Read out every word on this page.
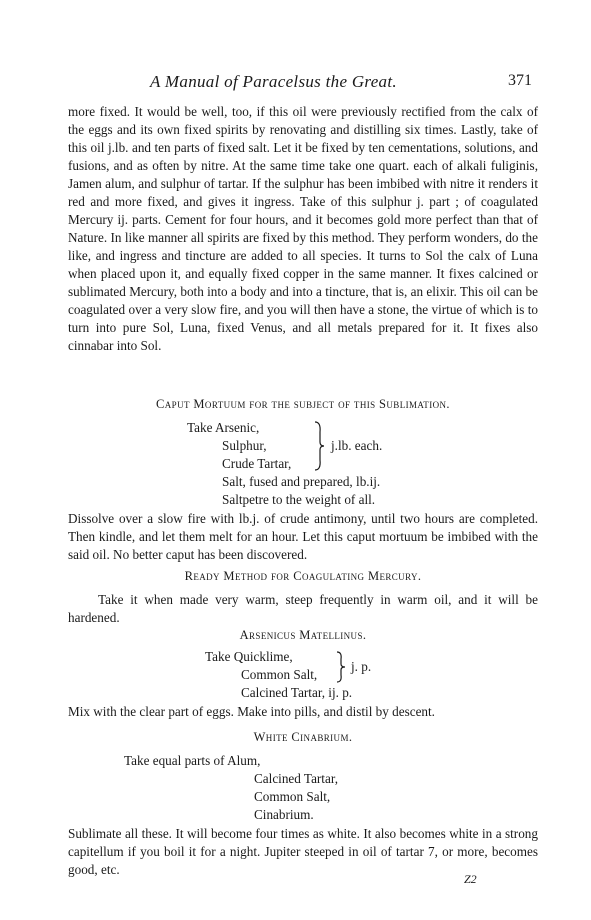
A Manual of Paracelsus the Great.	371

more fixed. It would be well, too, if this oil were previously rectified from the calx of the eggs and its own fixed spirits by renovating and distilling six times. Lastly, take of this oil j.lb. and ten parts of fixed salt. Let it be fixed by ten cementations, solutions, and fusions, and as often by nitre. At the same time take one quart. each of alkali fuliginis, Jamen alum, and sulphur of tartar. If the sulphur has been imbibed with nitre it renders it red and more fixed, and gives it ingress. Take of this sulphur j. part ; of coagulated Mercury ij. parts. Cement for four hours, and it becomes gold more perfect than that of Nature. In like manner all spirits are fixed by this method. They perform wonders, do the like, and ingress and tincture are added to all species. It turns to Sol the calx of Luna when placed upon it, and equally fixed copper in the same manner. It fixes calcined or sublimated Mercury, both into a body and into a tincture, that is, an elixir. This oil can be coagulated over a very slow fire, and you will then have a stone, the virtue of which is to turn into pure Sol, Luna, fixed Venus, and all metals prepared for it. It fixes also cinnabar into Sol.

Caput Mortuum for the subject of this Sublimation.
Take Arsenic,
Sulphur,
Crude Tartar,
j.lb. each.
Salt, fused and prepared, lb.ij.
Saltpetre to the weight of all.

Dissolve over a slow fire with lb.j. of crude antimony, until two hours are completed. Then kindle, and let them melt for an hour. Let this caput mortuum be imbibed with the said oil. No better caput has been discovered.

Ready Method for Coagulating Mercury.

Take it when made very warm, steep frequently in warm oil, and it will be hardened.

Arsenicus Matellinus.
Take Quicklime,
Common Salt,
j. p.
Calcined Tartar, ij. p.

Mix with the clear part of eggs. Make into pills, and distil by descent.

White Cinabrium.
Take equal parts of Alum,
Calcined Tartar,
Common Salt,
Cinabrium.

Sublimate all these. It will become four times as white. It also becomes white in a strong capitellum if you boil it for a night. Jupiter steeped in oil of tartar 7, or more, becomes good, etc.

Z2
